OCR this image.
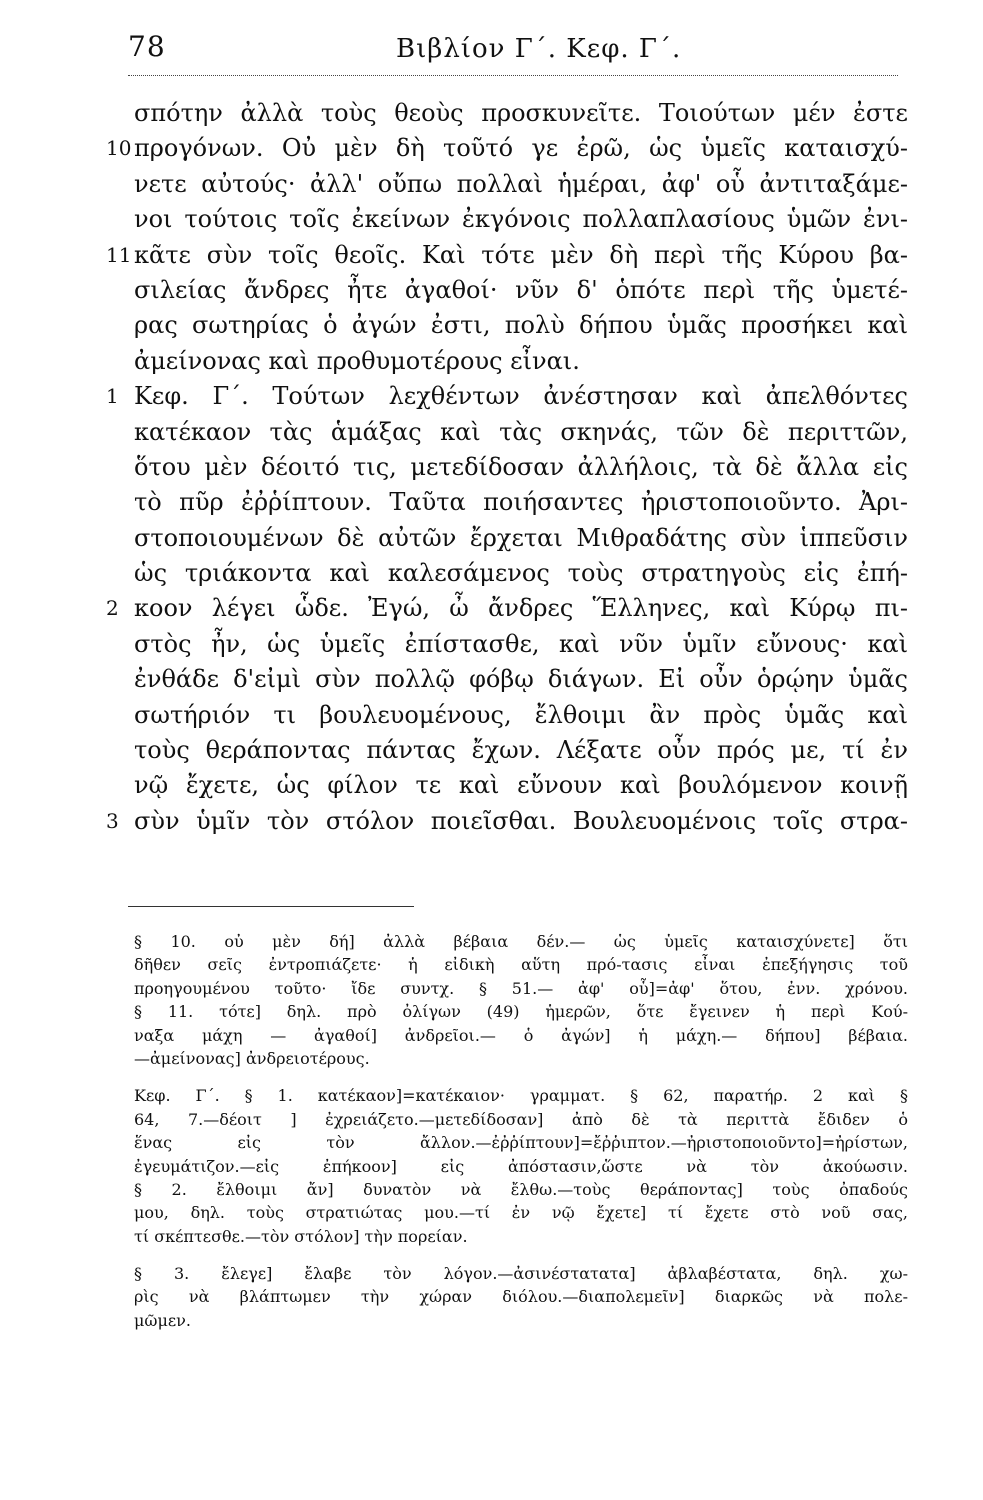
78	Βιβλίον Γ΄. Κεφ. Γ΄.
σπότην ἀλλὰ τοὺς θεοὺς προσκυνεῖτε. Τοιούτων μέν ἐστε
10 προγόνων. Οὐ μὲν δὴ τοῦτό γε ἐρῶ, ὡς ὑμεῖς καταισχύ-
νετε αὐτούς· ἀλλ' οὔπω πολλαὶ ἡμέραι, ἀφ' οὗ ἀντιταξάμε-
νοι τούτοις τοῖς ἐκείνων ἐκγόνοις πολλαπλασίους ὑμῶν ἐνι-
11 κᾶτε σὺν τοῖς θεοῖς. Καὶ τότε μὲν δὴ περὶ τῆς Κύρου βα-
σιλείας ἄνδρες ἦτε ἀγαθοί· νῦν δ' ὁπότε περὶ τῆς ὑμετέ-
ρας σωτηρίας ὁ ἀγών ἐστι, πολὺ δήπου ὑμᾶς προσήκει καὶ
ἀμείνονας καὶ προθυμοτέρους εἶναι.
1 Κεφ. Γ΄. Τούτων λεχθέντων ἀνέστησαν καὶ ἀπελθόντες
κατέκαον τὰς ἁμάξας καὶ τὰς σκηνάς, τῶν δὲ περιττῶν,
ὅτου μὲν δέοιτό τις, μετεδίδοσαν ἀλλήλοις, τὰ δὲ ἄλλα εἰς
τὸ πῦρ ἐῤῥίπτουν. Ταῦτα ποιήσαντες ἠριστοποιοῦντο. Ἀρι-
στοποιουμένων δὲ αὐτῶν ἔρχεται Μιθραδάτης σὺν ἱππεῦσιν
ὡς τριάκοντα καὶ καλεσάμενος τοὺς στρατηγοὺς εἰς ἐπή-
2 κοον λέγει ὧδε. Ἐγώ, ὦ ἄνδρες Ἕλληνες, καὶ Κύρῳ πι-
στὸς ἦν, ὡς ὑμεῖς ἐπίστασθε, καὶ νῦν ὑμῖν εὔνους· καὶ
ἐνθάδε δ'εἰμὶ σὺν πολλῷ φόβῳ διάγων. Εἰ οὖν ὁρῴην ὑμᾶς
σωτήριόν τι βουλευομένους, ἔλθοιμι ἂν πρὸς ὑμᾶς καὶ
τοὺς θεράποντας πάντας ἔχων. Λέξατε οὖν πρός με, τί ἐν
νῷ ἔχετε, ὡς φίλον τε καὶ εὔνουν καὶ βουλόμενον κοινῇ
3 σὺν ὑμῖν τὸν στόλον ποιεῖσθαι. Βουλευομένοις τοῖς στρα-
§ 10. οὐ μὲν δή] ἀλλὰ βέβαια δέν.— ὡς ὑμεῖς καταισχύνετε] ὅτι
δῆθεν σεῖς ἐντροπιάζετε· ἡ εἰδικὴ αὕτη πρό-τασις εἶναι ἐπεξήγησις τοῦ
προηγουμένου τοῦτο· ἴδε συντχ. § 51.— ἀφ' οὗ]=ἀφ' ὅτου, ἐνν. χρόνου.
§ 11. τότε] δηλ. πρὸ ὀλίγων (49) ἡμερῶν, ὅτε ἔγεινεν ἡ περὶ Κού-
ναξα μάχη — ἀγαθοί] ἀνδρεῖοι.— ὁ ἀγών] ἡ μάχη.— δήπου] βέβαια.
—ἀμείνονας] ἀνδρειοτέρους.
Κεφ. Γ΄. § 1. κατέκαον]=κατέκαιον· γραμματ. § 62, παρατήρ. 2 καὶ §
64, 7.—δέοιτ ] ἐχρειάζετο.—μετεδίδοσαν] ἀπὸ δὲ τὰ περιττὰ ἔδιδεν ὁ
ἕνας εἰς τὸν ἄλλον.—ἐῤῥίπτουν]=ἔῤῥιπτον.—ἠριστοποιοῦντο]=ἠρίστων,
ἐγευμάτιζον.—εἰς ἐπήκοον] εἰς ἀπόστασιν,ὥστε νὰ τὸν ἀκούωσιν.
§ 2. ἔλθοιμι ἄν] δυνατὸν νὰ ἔλθω.—τοὺς θεράποντας] τοὺς ὀπαδούς
μου, δηλ. τοὺς στρατιώτας μου.—τί ἐν νῷ ἔχετε] τί ἔχετε στὸ νοῦ σας,
τί σκέπτεσθε.—τὸν στόλον] τὴν πορείαν.
§ 3. ἔλεγε] ἔλαβε τὸν λόγον.—ἀσινέστατατα] ἀβλαβέστατα, δηλ. χω-
ρὶς νὰ βλάπτωμεν τὴν χώραν διόλου.—διαπολεμεῖν] διαρκῶς νὰ πολε-
μῶμεν.
